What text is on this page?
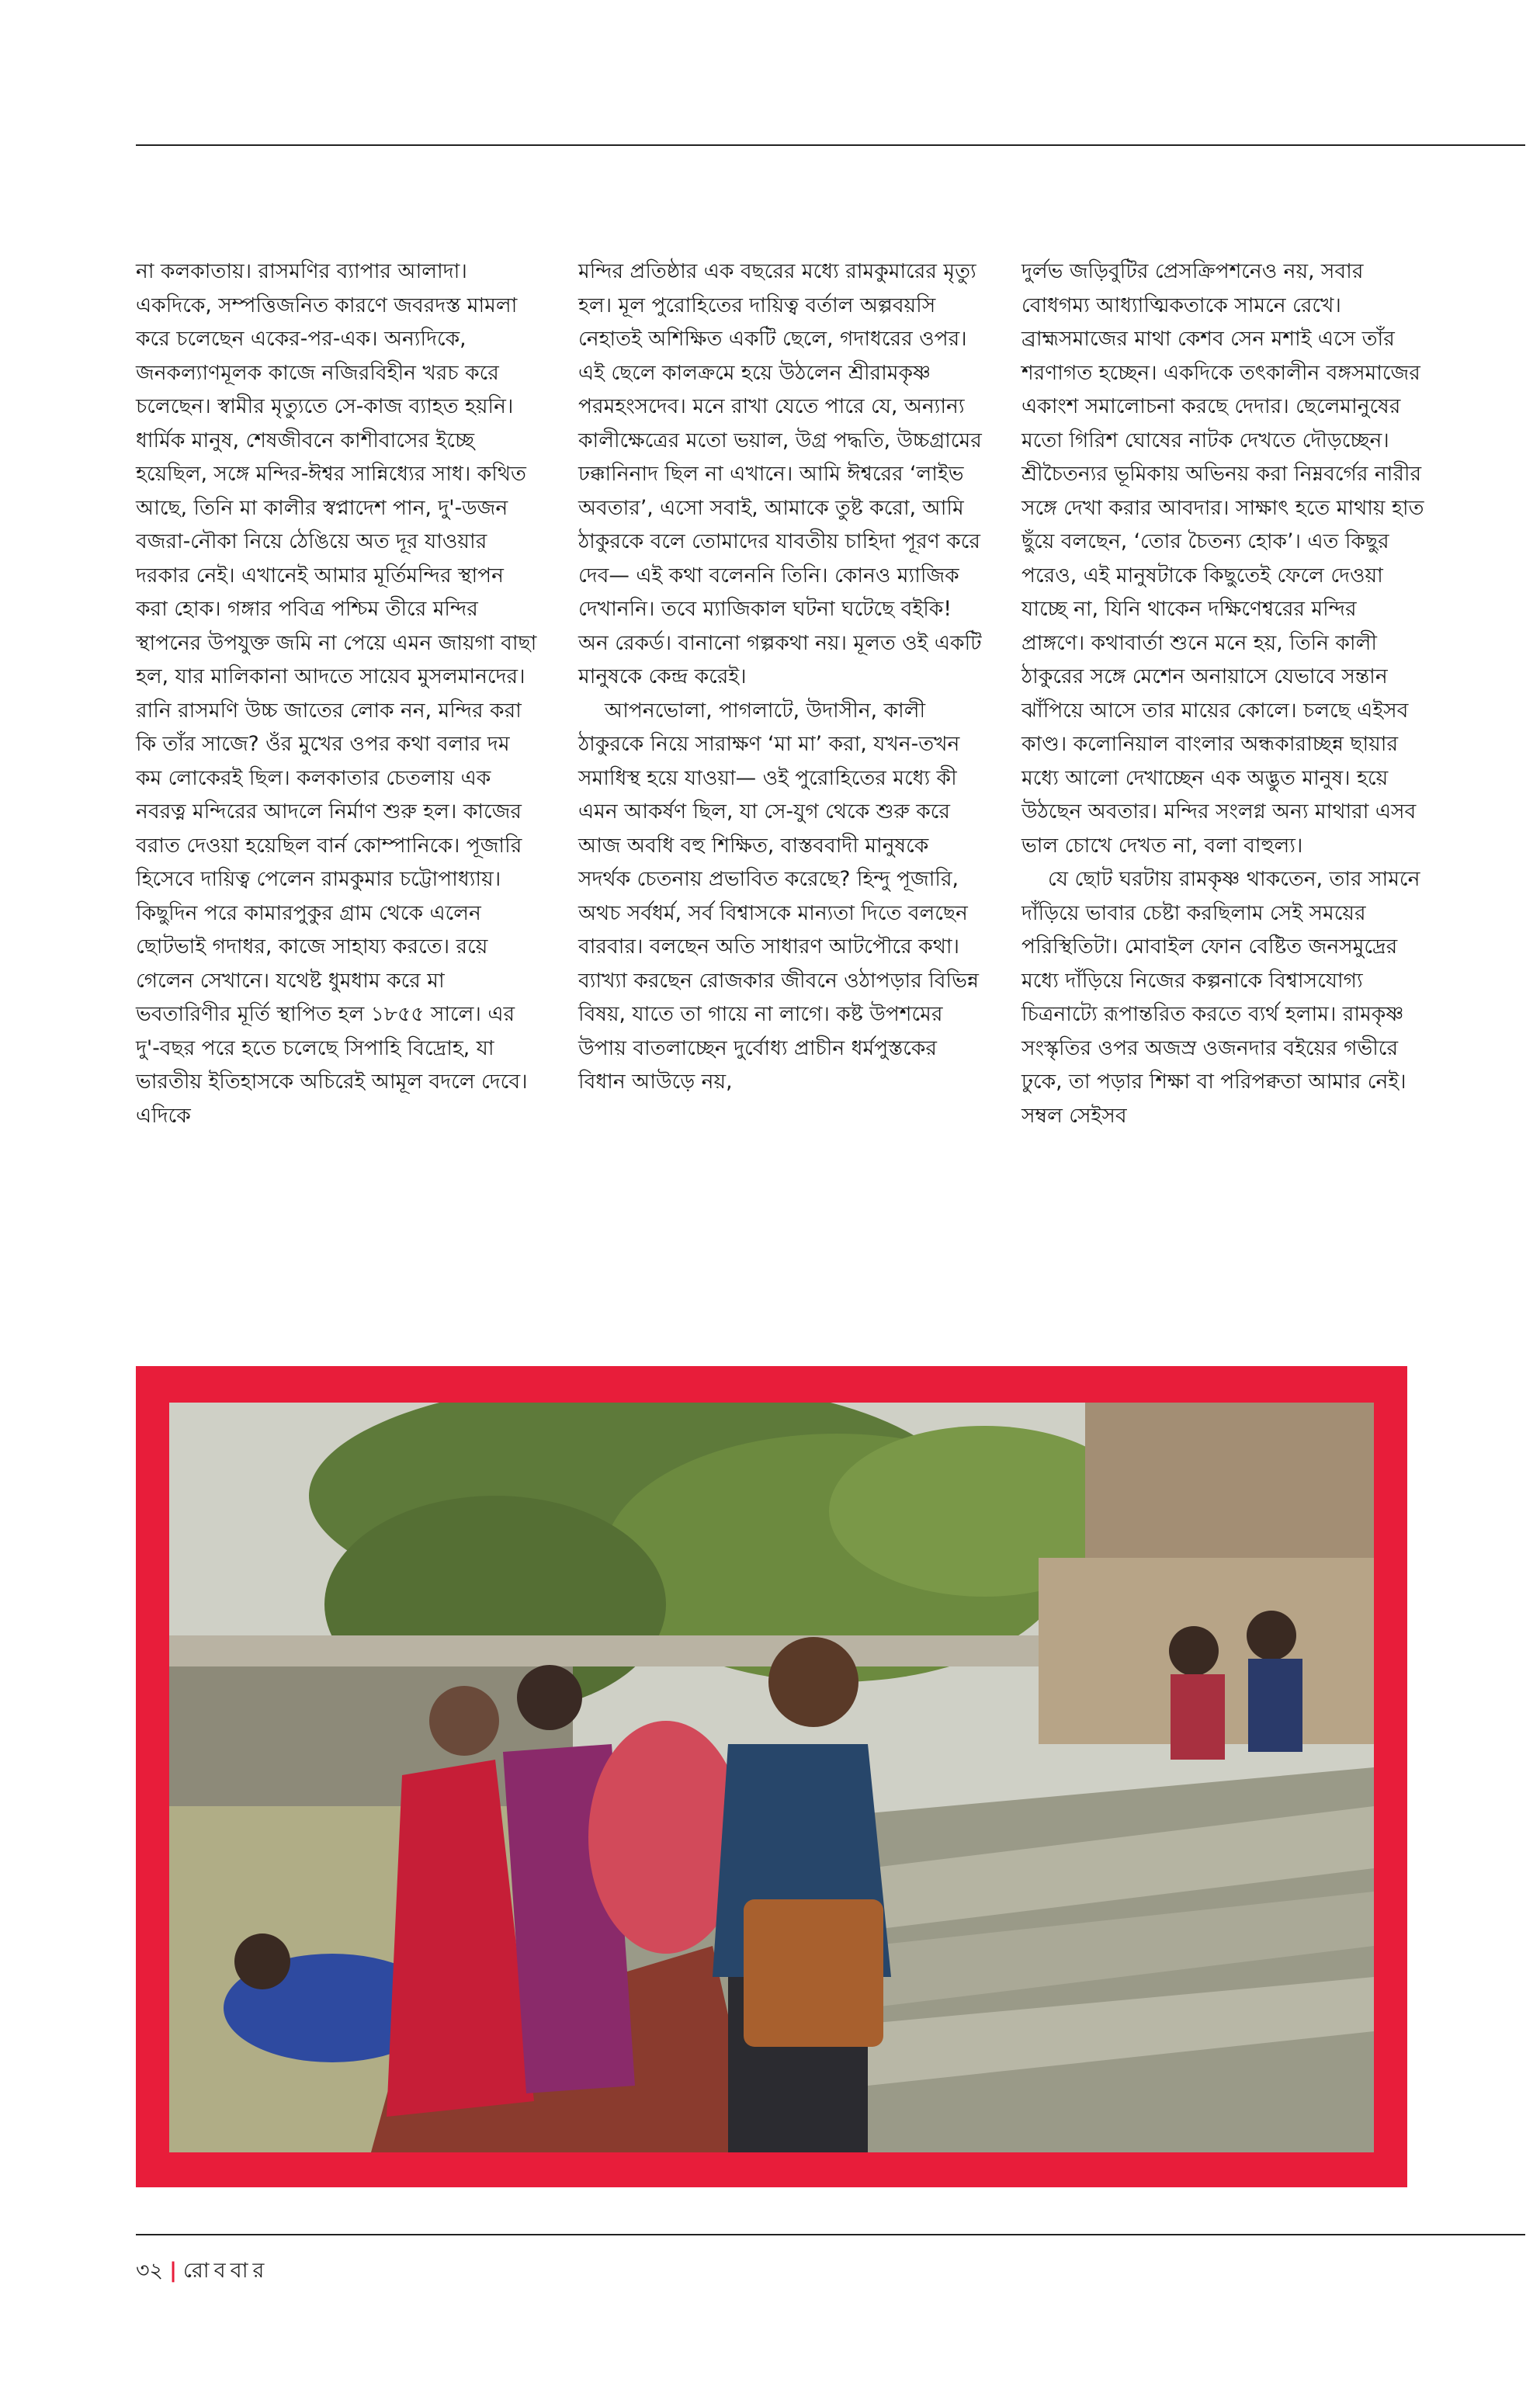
না কলকাতায়। রাসমণির ব্যাপার আলাদা। একদিকে, সম্পত্তিজনিত কারণে জবরদস্ত মামলা করে চলেছেন একের-পর-এক। অন্যদিকে, জনকল্যাণমূলক কাজে নজিরবিহীন খরচ করে চলেছেন। স্বামীর মৃত্যুতে সে-কাজ ব্যাহত হয়নি। ধার্মিক মানুষ, শেষজীবনে কাশীবাসের ইচ্ছে হয়েছিল, সঙ্গে মন্দির-ঈশ্বর সান্নিধ্যের সাধ। কথিত আছে, তিনি মা কালীর স্বপ্নাদেশ পান, দু'-ডজন বজরা-নৌকা নিয়ে ঠেঙিয়ে অত দূর যাওয়ার দরকার নেই। এখানেই আমার মূর্তিমন্দির স্থাপন করা হোক। গঙ্গার পবিত্র পশ্চিম তীরে মন্দির স্থাপনের উপযুক্ত জমি না পেয়ে এমন জায়গা বাছা হল, যার মালিকানা আদতে সায়েব মুসলমানদের। রানি রাসমণি উচ্চ জাতের লোক নন, মন্দির করা কি তাঁর সাজে? ওঁর মুখের ওপর কথা বলার দম কম লোকেরই ছিল। কলকাতার চেতলায় এক নবরত্ন মন্দিরের আদলে নির্মাণ শুরু হল। কাজের বরাত দেওয়া হয়েছিল বার্ন কোম্পানিকে। পূজারি হিসেবে দায়িত্ব পেলেন রামকুমার চট্টোপাধ্যায়। কিছুদিন পরে কামারপুকুর গ্রাম থেকে এলেন ছোটভাই গদাধর, কাজে সাহায্য করতে। রয়ে গেলেন সেখানে। যথেষ্ট ধুমধাম করে মা ভবতারিণীর মূর্তি স্থাপিত হল ১৮৫৫ সালে। এর দু'-বছর পরে হতে চলেছে সিপাহি বিদ্রোহ, যা ভারতীয় ইতিহাসকে অচিরেই আমূল বদলে দেবে। এদিকে

মন্দির প্রতিষ্ঠার এক বছরের মধ্যে রামকুমারের মৃত্যু হল। মূল পুরোহিতের দায়িত্ব বর্তাল অল্পবয়সি নেহাতই অশিক্ষিত একটি ছেলে, গদাধরের ওপর। এই ছেলে কালক্রমে হয়ে উঠলেন শ্রীরামকৃষ্ণ পরমহংসদেব। মনে রাখা যেতে পারে যে, অন্যান্য কালীক্ষেত্রের মতো ভয়াল, উগ্র পদ্ধতি, উচ্চগ্রামের ঢক্কানিনাদ ছিল না এখানে। আমি ঈশ্বরের ‘লাইভ অবতার’, এসো সবাই, আমাকে তুষ্ট করো, আমি ঠাকুরকে বলে তোমাদের যাবতীয় চাহিদা পূরণ করে দেব— এই কথা বলেননি তিনি। কোনও ম্যাজিক দেখাননি। তবে ম্যাজিকাল ঘটনা ঘটেছে বইকি! অন রেকর্ড। বানানো গল্পকথা নয়। মূলত ওই একটি মানুষকে কেন্দ্র করেই।

আপনভোলা, পাগলাটে, উদাসীন, কালী ঠাকুরকে নিয়ে সারাক্ষণ ‘মা মা’ করা, যখন-তখন সমাধিস্থ হয়ে যাওয়া— ওই পুরোহিতের মধ্যে কী এমন আকর্ষণ ছিল, যা সে-যুগ থেকে শুরু করে আজ অবধি বহু শিক্ষিত, বাস্তববাদী মানুষকে সদর্থক চেতনায় প্রভাবিত করেছে? হিন্দু পূজারি, অথচ সর্বধর্ম, সর্ব বিশ্বাসকে মান্যতা দিতে বলছেন বারবার। বলছেন অতি সাধারণ আটপৌরে কথা। ব্যাখ্যা করছেন রোজকার জীবনে ওঠাপড়ার বিভিন্ন বিষয়, যাতে তা গায়ে না লাগে। কষ্ট উপশমের উপায় বাতলাচ্ছেন দুর্বোধ্য প্রাচীন ধর্মপুস্তকের বিধান আউড়ে নয়,

দুর্লভ জড়িবুটির প্রেসক্রিপশনেও নয়, সবার বোধগম্য আধ্যাত্মিকতাকে সামনে রেখে। ব্রাহ্মসমাজের মাথা কেশব সেন মশাই এসে তাঁর শরণাগত হচ্ছেন। একদিকে তৎকালীন বঙ্গসমাজের একাংশ সমালোচনা করছে দেদার। ছেলেমানুষের মতো গিরিশ ঘোষের নাটক দেখতে দৌড়চ্ছেন। শ্রীচৈতন্যর ভূমিকায় অভিনয় করা নিম্নবর্গের নারীর সঙ্গে দেখা করার আবদার। সাক্ষাৎ হতে মাথায় হাত ছুঁয়ে বলছেন, ‘তোর চৈতন্য হোক’। এত কিছুর পরেও, এই মানুষটাকে কিছুতেই ফেলে দেওয়া যাচ্ছে না, যিনি থাকেন দক্ষিণেশ্বরের মন্দির প্রাঙ্গণে। কথাবার্তা শুনে মনে হয়, তিনি কালী ঠাকুরের সঙ্গে মেশেন অনায়াসে যেভাবে সন্তান ঝাঁপিয়ে আসে তার মায়ের কোলে। চলছে এইসব কাণ্ড। কলোনিয়াল বাংলার অন্ধকারাচ্ছন্ন ছায়ার মধ্যে আলো দেখাচ্ছেন এক অদ্ভুত মানুষ। হয়ে উঠছেন অবতার। মন্দির সংলগ্ন অন্য মাথারা এসব ভাল চোখে দেখত না, বলা বাহুল্য।

যে ছোট ঘরটায় রামকৃষ্ণ থাকতেন, তার সামনে দাঁড়িয়ে ভাবার চেষ্টা করছিলাম সেই সময়ের পরিস্থিতিটা। মোবাইল ফোন বেষ্টিত জনসমুদ্রের মধ্যে দাঁড়িয়ে নিজের কল্পনাকে বিশ্বাসযোগ্য চিত্রনাট্যে রূপান্তরিত করতে ব্যর্থ হলাম। রামকৃষ্ণ সংস্কৃতির ওপর অজস্র ওজনদার বইয়ের গভীরে ঢুকে, তা পড়ার শিক্ষা বা পরিপক্বতা আমার নেই। সম্বল সেইসব

৩২ | রোববার
